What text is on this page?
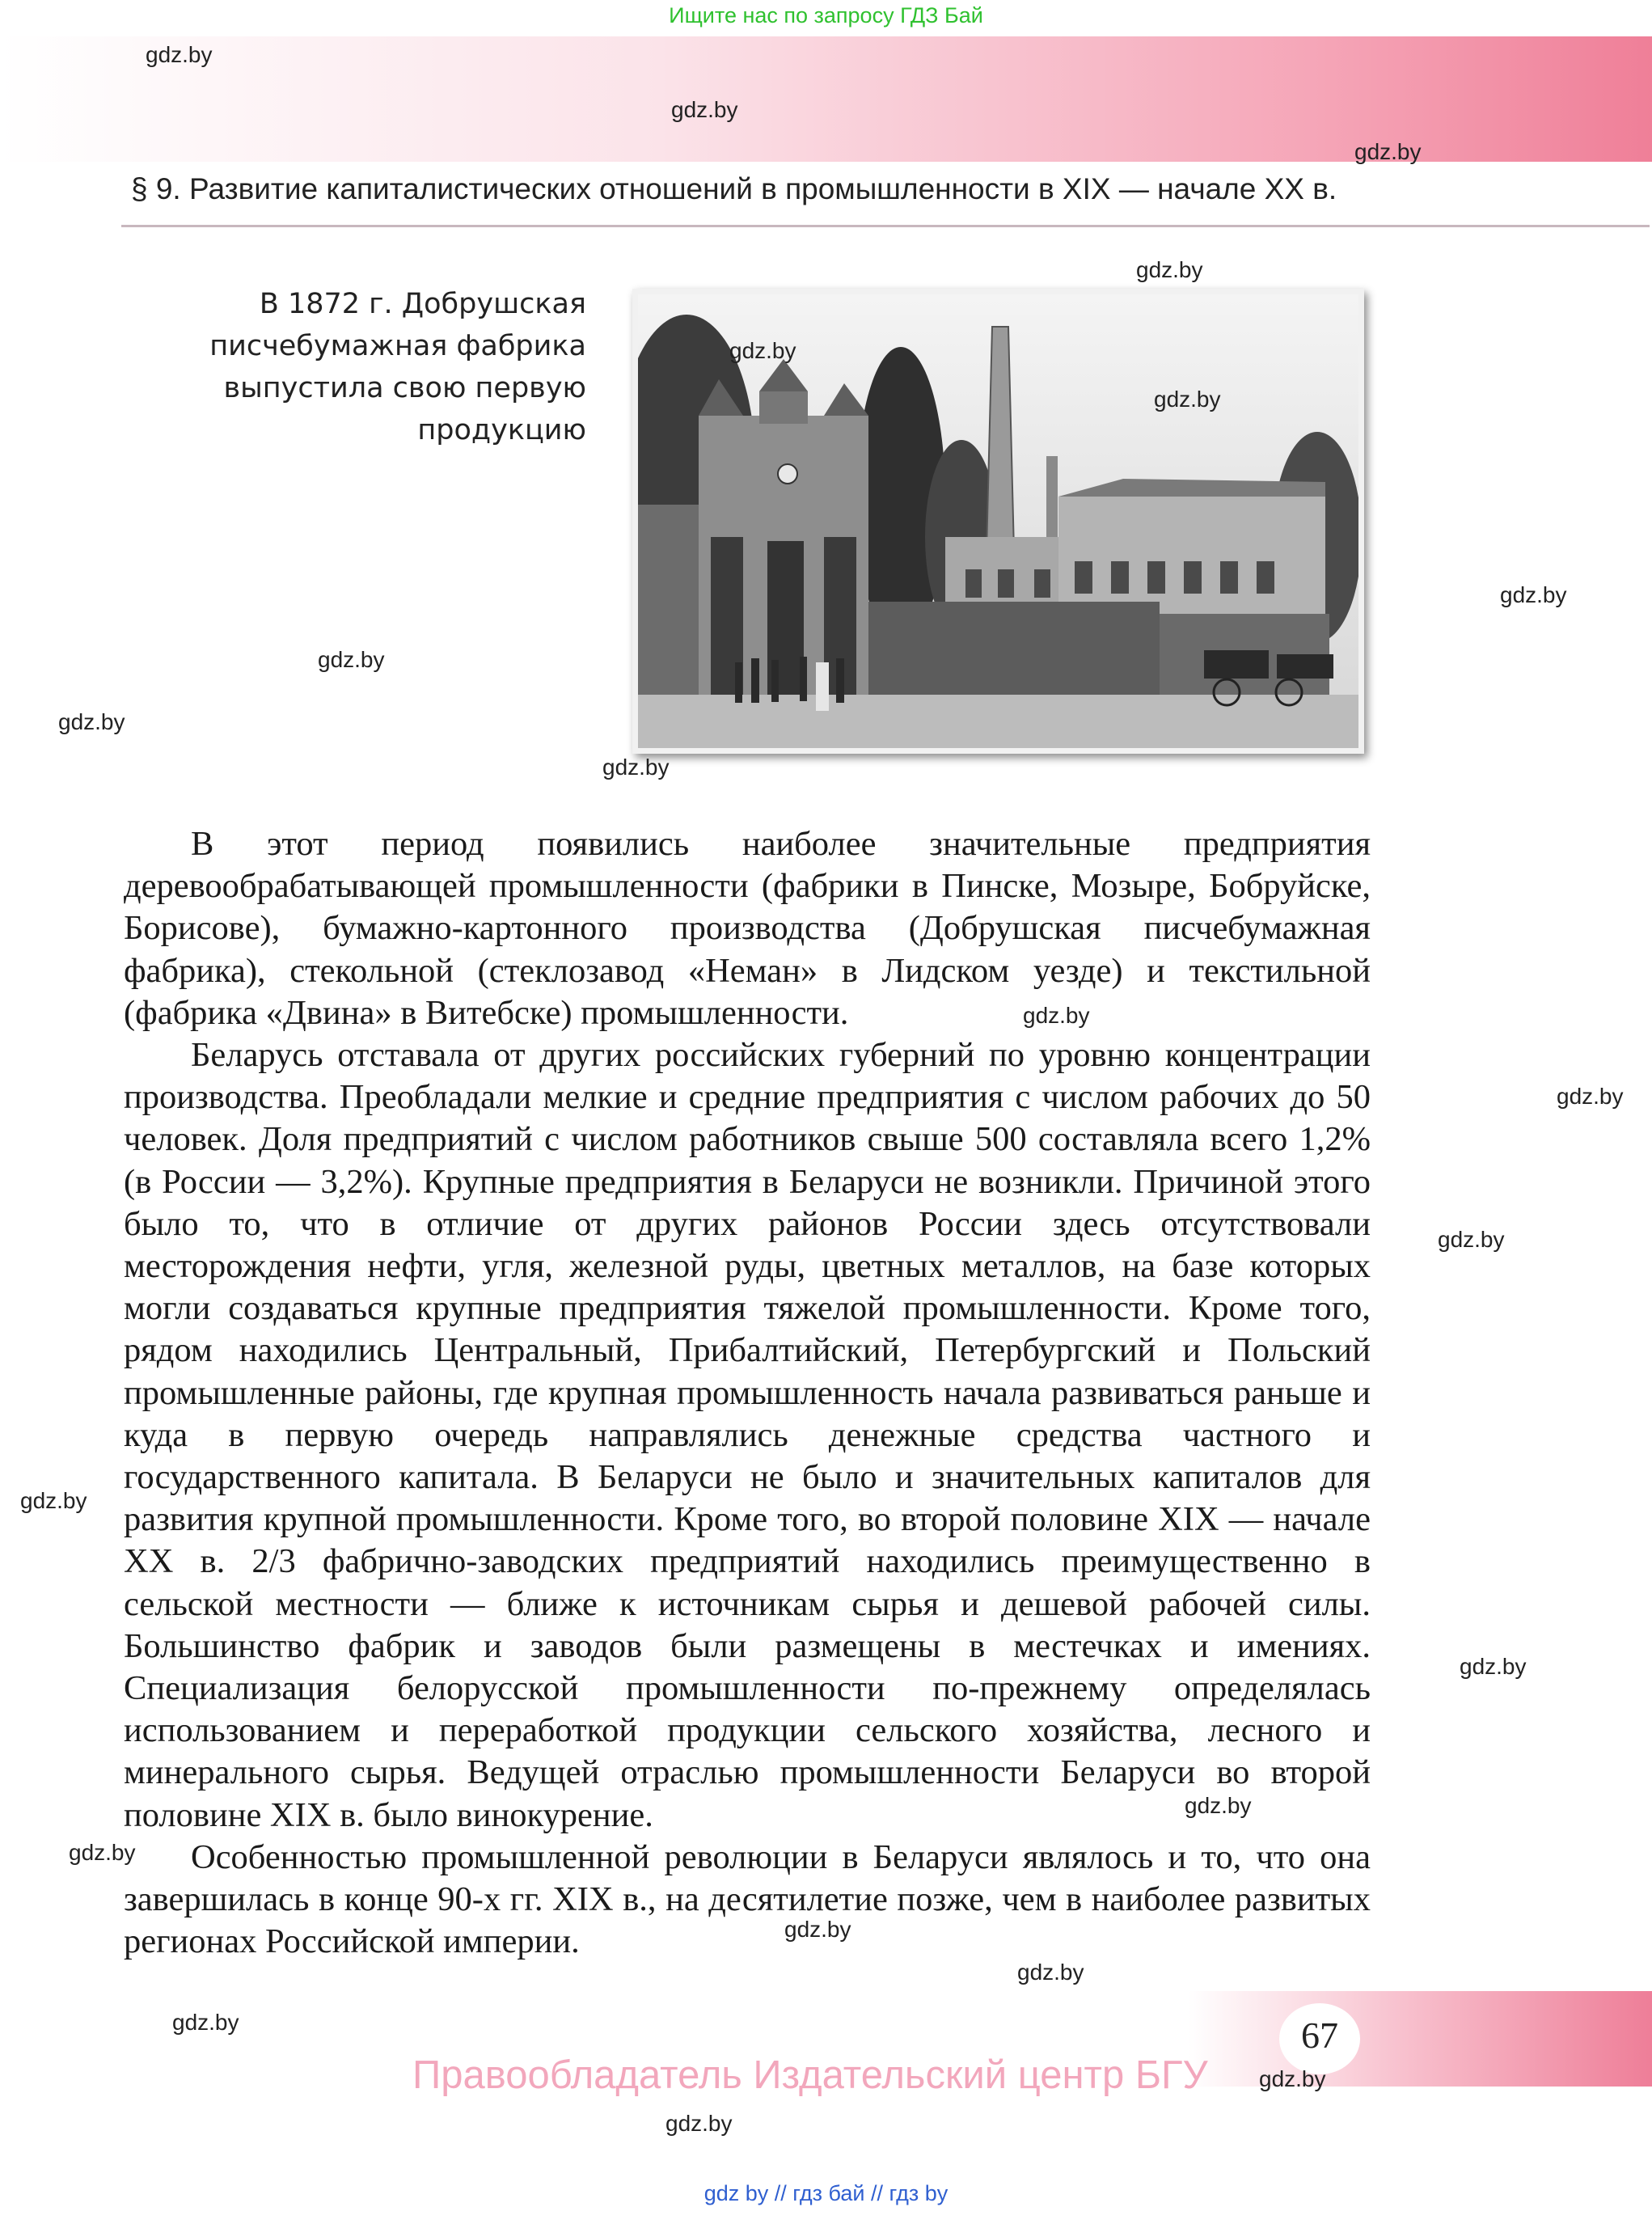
Ищите нас по запросу ГДЗ Бай
gdz.by
gdz.by
gdz.by
§ 9. Развитие капиталистических отношений в промышленности в XIX — начале XX в.
В 1872 г. Добрушская писчебумажная фабрика выпустила свою первую продукцию
gdz.by
gdz.by
gdz.by
gdz.by
gdz.by
gdz.by
gdz.by

В этот период появились наиболее значительные предприятия деревообрабатывающей промышленности (фабрики в Пинске, Мозыре, Бобруйске, Борисове), бумажно-картонного производства (Добрушская писчебумажная фабрика), стекольной (стеклозавод «Неман» в Лидском уезде) и текстильной (фабрика «Двина» в Витебске) промышленности.

Беларусь отставала от других российских губерний по уровню концентрации производства. Преобладали мелкие и средние предприятия с числом рабочих до 50 человек. Доля предприятий с числом работников свыше 500 составляла всего 1,2% (в России — 3,2%). Крупные предприятия в Беларуси не возникли. Причиной этого было то, что в отличие от других районов России здесь отсутствовали месторождения нефти, угля, железной руды, цветных металлов, на базе которых могли создаваться крупные предприятия тяжелой промышленности. Кроме того, рядом находились Центральный, Прибалтийский, Петербургский и Польский промышленные районы, где крупная промышленность начала развиваться раньше и куда в первую очередь направлялись денежные средства частного и государственного капитала. В Беларуси не было и значительных капиталов для развития крупной промышленности. Кроме того, во второй половине XIX — начале XX в. 2/3 фабрично-заводских предприятий находились преимущественно в сельской местности — ближе к источникам сырья и дешевой рабочей силы. Большинство фабрик и заводов были размещены в местечках и имениях. Специализация белорусской промышленности по-прежнему определялась использованием и переработкой продукции сельского хозяйства, лесного и минерального сырья. Ведущей отраслью промышленности Беларуси во второй половине XIX в. было винокурение.

Особенностью промышленной революции в Беларуси являлось и то, что она завершилась в конце 90-х гг. XIX в., на десятилетие позже, чем в наиболее развитых регионах Российской империи.

gdz.by
gdz.by
gdz.by
gdz.by
gdz.by
gdz.by
gdz.by
gdz.by
67
gdz.by
gdz.by
Правообладатель Издательский центр БГУ gdz.by
gdz.by
gdz by // гдз бай // гдз by
